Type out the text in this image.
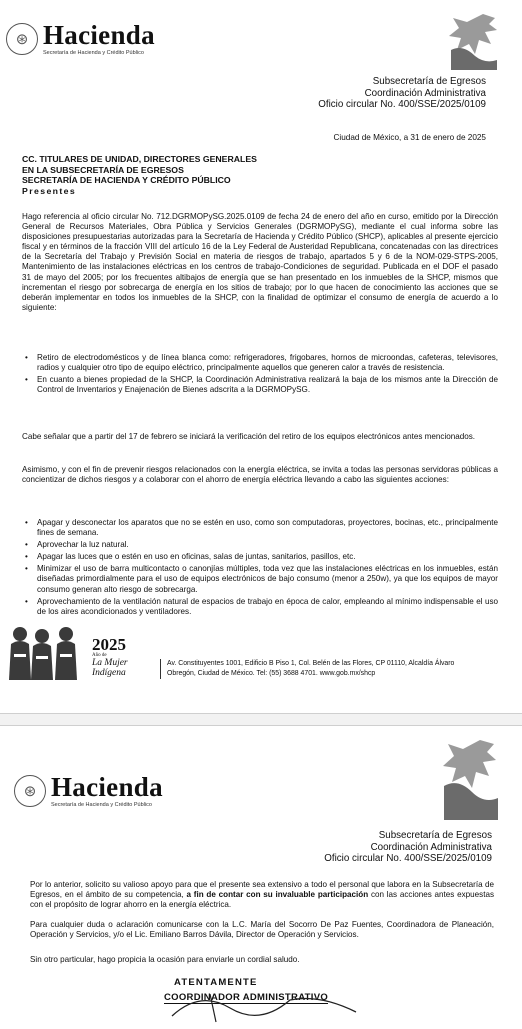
⊛ Hacienda
Secretaría de Hacienda y Crédito Público
Subsecretaría de Egresos
Coordinación Administrativa
Oficio circular No. 400/SSE/2025/0109
Ciudad de México, a 31 de enero de 2025
CC. TITULARES DE UNIDAD, DIRECTORES GENERALES
EN LA SUBSECRETARÍA DE EGRESOS
SECRETARÍA DE HACIENDA Y CRÉDITO PÚBLICO
Presentes
Hago referencia al oficio circular No. 712.DGRMOPySG.2025.0109 de fecha 24 de enero del año en curso, emitido por la Dirección General de Recursos Materiales, Obra Pública y Servicios Generales (DGRMOPySG), mediante el cual informa sobre las disposiciones presupuestarias autorizadas para la Secretaría de Hacienda y Crédito Público (SHCP), aplicables al presente ejercicio fiscal y en términos de la fracción VIII del artículo 16 de la Ley Federal de Austeridad Republicana, concatenadas con las directrices de la Secretaría del Trabajo y Previsión Social en materia de riesgos de trabajo, apartados 5 y 6 de la NOM-029-STPS-2005, Mantenimiento de las instalaciones eléctricas en los centros de trabajo-Condiciones de seguridad. Publicada en el DOF el pasado 31 de mayo del 2005; por los frecuentes altibajos de energía que se han presentado en los inmuebles de la SHCP, mismos que incrementan el riesgo por sobrecarga de energía en los sitios de trabajo; por lo que hacen de conocimiento las acciones que se deberán implementar en todos los inmuebles de la SHCP, con la finalidad de optimizar el consumo de energía de acuerdo a lo siguiente:
• Retiro de electrodomésticos y de línea blanca como: refrigeradores, frigobares, hornos de microondas, cafeteras, televisores, radios y cualquier otro tipo de equipo eléctrico, principalmente aquellos que generen calor a través de resistencia.
• En cuanto a bienes propiedad de la SHCP, la Coordinación Administrativa realizará la baja de los mismos ante la Dirección de Control de Inventarios y Enajenación de Bienes adscrita a la DGRMOPySG.
Cabe señalar que a partir del 17 de febrero se iniciará la verificación del retiro de los equipos electrónicos antes mencionados.
Asimismo, y con el fin de prevenir riesgos relacionados con la energía eléctrica, se invita a todas las personas servidoras públicas a concientizar de dichos riesgos y a colaborar con el ahorro de energía eléctrica llevando a cabo las siguientes acciones:
• Apagar y desconectar los aparatos que no se estén en uso, como son computadoras, proyectores, bocinas, etc., principalmente fines de semana.
• Aprovechar la luz natural.
• Apagar las luces que o estén en uso en oficinas, salas de juntas, sanitarios, pasillos, etc.
• Minimizar el uso de barra multicontacto o canonjías múltiples, toda vez que las instalaciones eléctricas en los inmuebles, están diseñadas primordialmente para el uso de equipos electrónicos de bajo consumo (menor a 250w), ya que los equipos de mayor consumo generan alto riesgo de sobrecarga.
• Aprovechamiento de la ventilación natural de espacios de trabajo en época de calor, empleando al mínimo indispensable el uso de los aires acondicionados y ventiladores.
2025
Año de
La Mujer
Indígena
Av. Constituyentes 1001, Edificio B Piso 1, Col. Belén de las Flores, CP 01110, Alcaldía Álvaro
Obregón, Ciudad de México. Tel: (55) 3688 4701. www.gob.mx/shcp
⊛ Hacienda
Secretaría de Hacienda y Crédito Público
Subsecretaría de Egresos
Coordinación Administrativa
Oficio circular No. 400/SSE/2025/0109
Por lo anterior, solicito su valioso apoyo para que el presente sea extensivo a todo el personal que labora en la Subsecretaría de Egresos, en el ámbito de su competencia, a fin de contar con su invaluable participación con las acciones antes expuestas con el propósito de lograr ahorro en la energía eléctrica.
Para cualquier duda o aclaración comunicarse con la L.C. María del Socorro De Paz Fuentes, Coordinadora de Planeación, Operación y Servicios, y/o el Lic. Emiliano Barros Dávila, Director de Operación y Servicios.
Sin otro particular, hago propicia la ocasión para enviarle un cordial saludo.
ATENTAMENTE
COORDINADOR ADMINISTRATIVO
